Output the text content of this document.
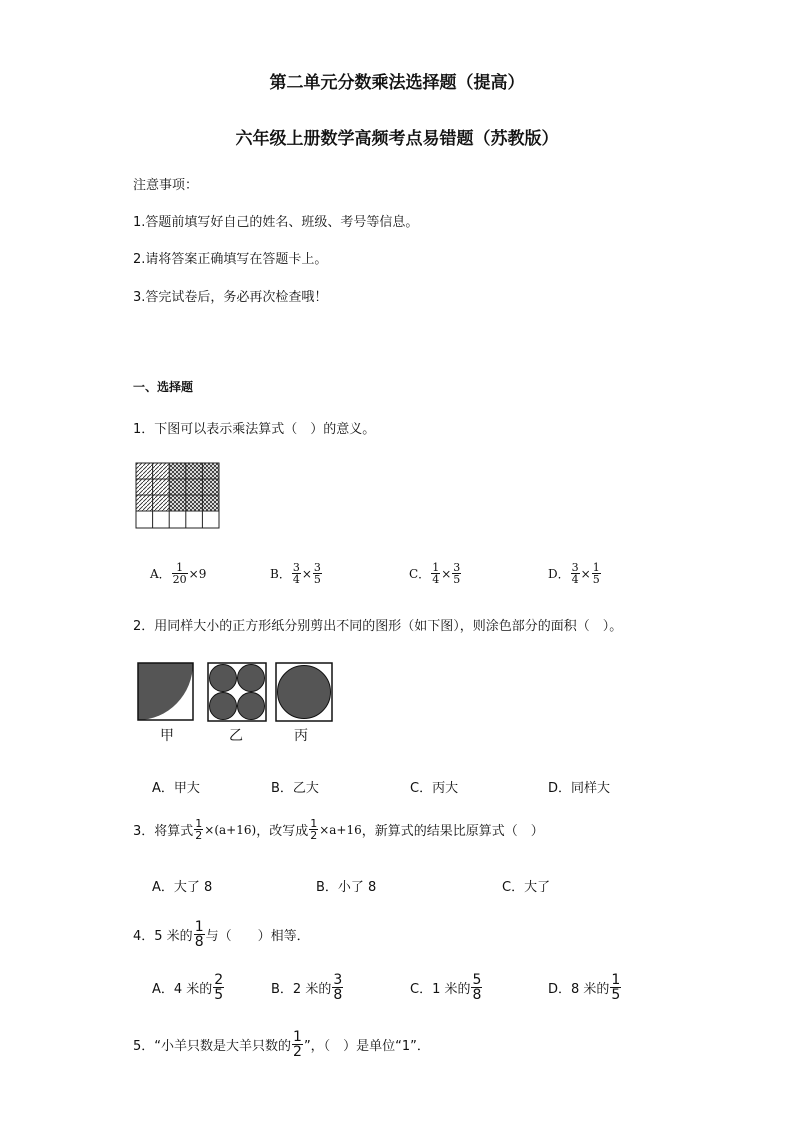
第二单元分数乘法选择题（提高）
六年级上册数学高频考点易错题（苏教版）
注意事项：
1.答题前填写好自己的姓名、班级、考号等信息。
2.请将答案正确填写在答题卡上。
3.答完试卷后，务必再次检查哦！
一、选择题
1．下图可以表示乘法算式（　）的意义。
A． $\frac{1}{20} \times 9$	B． $\frac{3}{4} \times \frac{3}{5}$	C． $\frac{1}{4} \times \frac{3}{5}$	D． $\frac{3}{4} \times \frac{1}{5}$
2．用同样大小的正方形纸分别剪出不同的图形（如下图），则涂色部分的面积（　）。
甲	乙	丙
A．甲大	B．乙大	C．丙大	D．同样大
3．将算式 $\frac{1}{2} \times(a+16)$ ，改写成 $\frac{1}{2} \times a+16$ ，新算式的结果比原算式（　）
A．大了 8	B．小了 8	C．大了
4．5 米的 $\frac{1}{8}$ 与（　　）相等．
A．4 米的 $\frac{2}{5}$	B．2 米的 $\frac{3}{8}$	C．1 米的 $\frac{5}{8}$	D．8 米的 $\frac{1}{5}$
5．“小羊只数是大羊只数的 $\frac{1}{2}$ ”，（　）是单位“1”．
